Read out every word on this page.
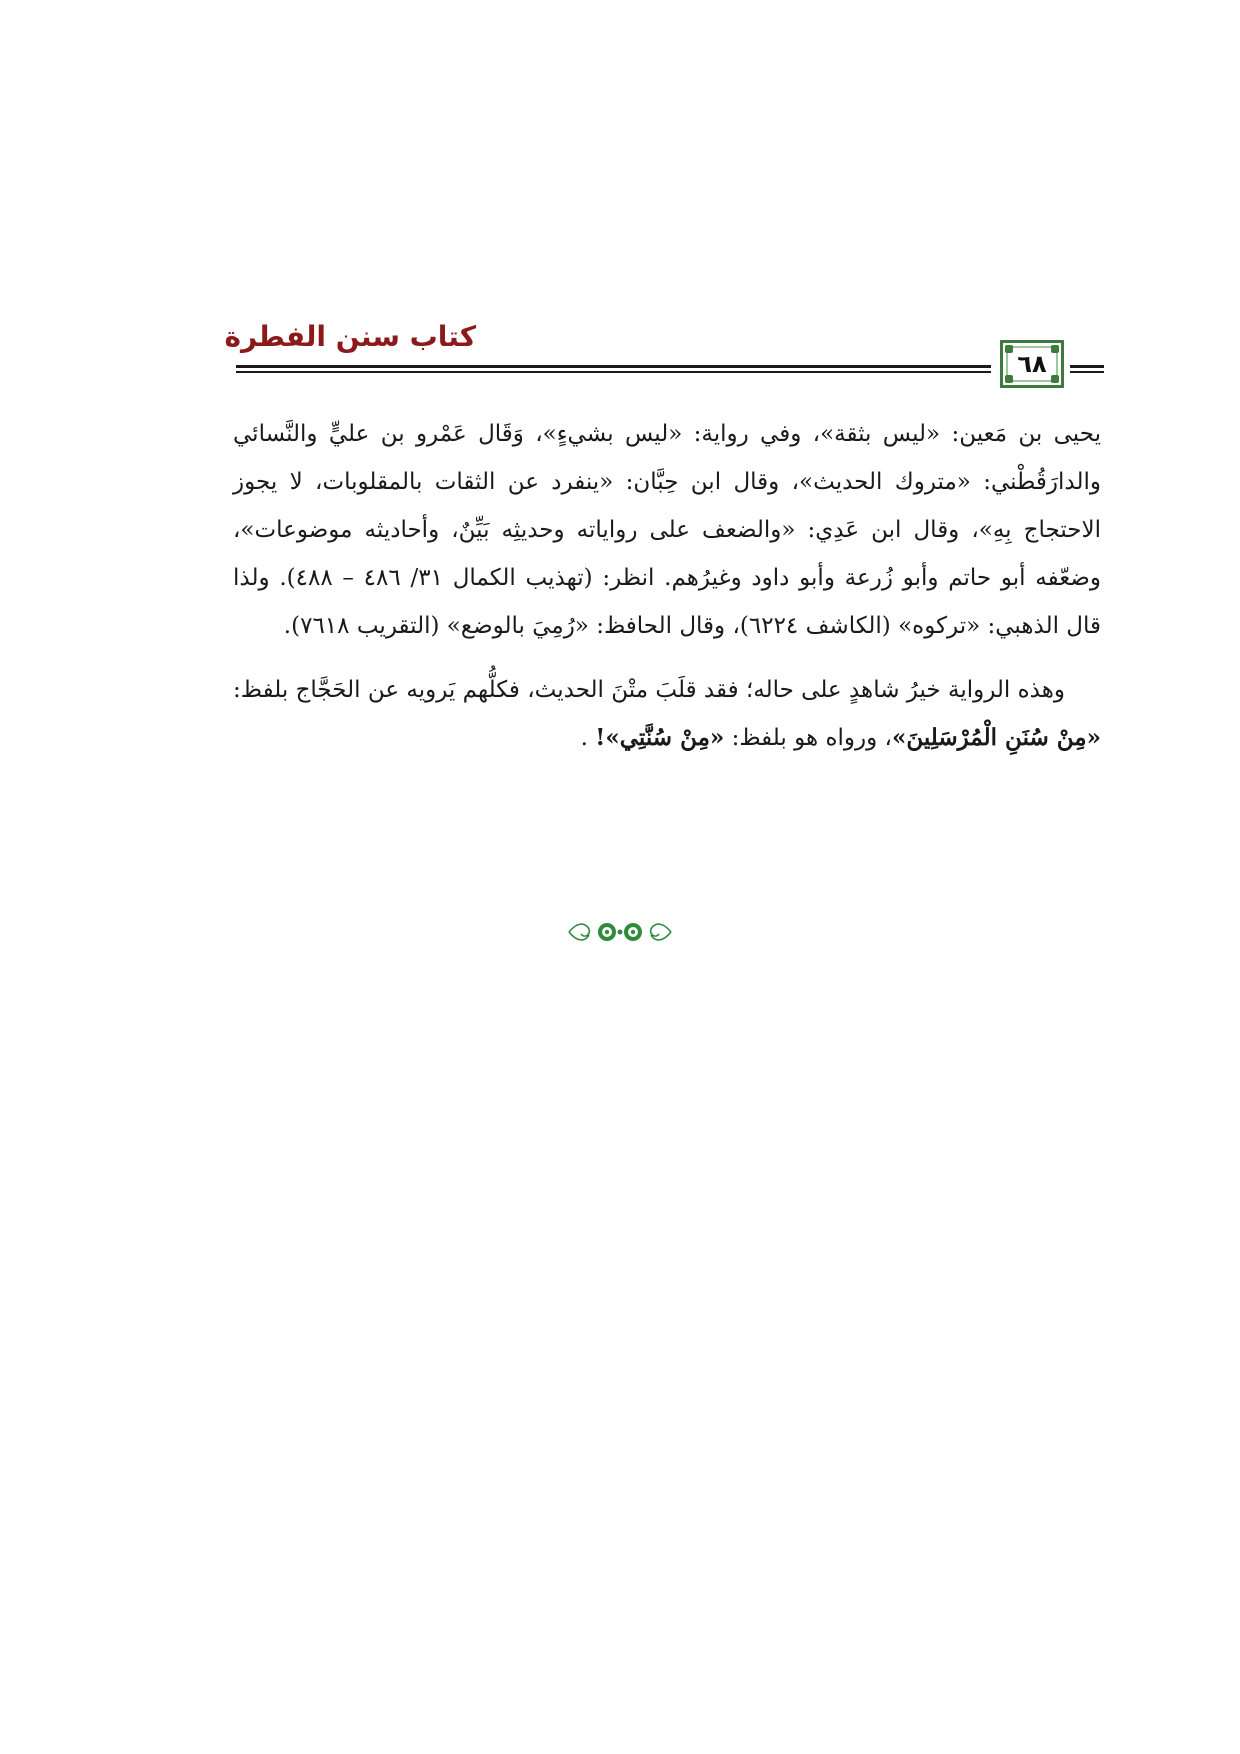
كتاب سنن الفطرة
٦٨

يحيى بن مَعين: «ليس بثقة»، وفي رواية: «ليس بشيءٍ»، وَقَال عَمْرو بن عليٍّ والنَّسائي والدارَقُطْني: «متروك الحديث»، وقال ابن حِبَّان: «ينفرد عن الثقات بالمقلوبات، لا يجوز الاحتجاج بِهِ»، وقال ابن عَدِي: «والضعف على رواياته وحديثِه بَيِّنٌ، وأحاديثه موضوعات»، وضعّفه أبو حاتم وأبو زُرعة وأبو داود وغيرُهم. انظر: (تهذيب الكمال ٣١/ ٤٨٦ – ٤٨٨). ولذا قال الذهبي: «تركوه» (الكاشف ٦٢٢٤)، وقال الحافظ: «رُمِيَ بالوضع» (التقريب ٧٦١٨).

وهذه الرواية خيرُ شاهدٍ على حاله؛ فقد قلَبَ متْنَ الحديث، فكلُّهم يَرويه عن الحَجَّاج بلفظ: «مِنْ سُنَنِ الْمُرْسَلِينَ»، ورواه هو بلفظ: «مِنْ سُنَّتِي»! .
